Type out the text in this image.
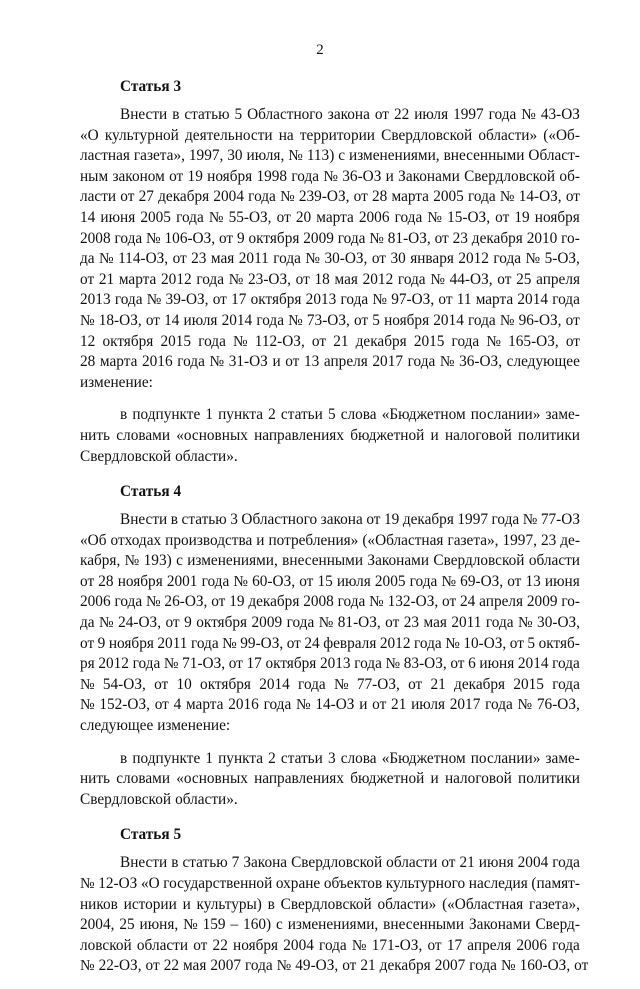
2
Статья 3
Внести в статью 5 Областного закона от 22 июля 1997 года № 43-ОЗ
«О культурной деятельности на территории Свердловской области» («Об-
ластная газета», 1997, 30 июля, № 113) с изменениями, внесенными Област-
ным законом от 19 ноября 1998 года № 36-ОЗ и Законами Свердловской об-
ласти от 27 декабря 2004 года № 239-ОЗ, от 28 марта 2005 года № 14-ОЗ, от
14 июня 2005 года № 55-ОЗ, от 20 марта 2006 года № 15-ОЗ, от 19 ноября
2008 года № 106-ОЗ, от 9 октября 2009 года № 81-ОЗ, от 23 декабря 2010 го-
да № 114-ОЗ, от 23 мая 2011 года № 30-ОЗ, от 30 января 2012 года № 5-ОЗ,
от 21 марта 2012 года № 23-ОЗ, от 18 мая 2012 года № 44-ОЗ, от 25 апреля
2013 года № 39-ОЗ, от 17 октября 2013 года № 97-ОЗ, от 11 марта 2014 года
№ 18-ОЗ, от 14 июля 2014 года № 73-ОЗ, от 5 ноября 2014 года № 96-ОЗ, от
12 октября 2015 года № 112-ОЗ, от 21 декабря 2015 года № 165-ОЗ, от
28 марта 2016 года № 31-ОЗ и от 13 апреля 2017 года № 36-ОЗ, следующее
изменение:
в подпункте 1 пункта 2 статьи 5 слова «Бюджетном послании» заме-
нить словами «основных направлениях бюджетной и налоговой политики
Свердловской области».
Статья 4
Внести в статью 3 Областного закона от 19 декабря 1997 года № 77-ОЗ
«Об отходах производства и потребления» («Областная газета», 1997, 23 де-
кабря, № 193) с изменениями, внесенными Законами Свердловской области
от 28 ноября 2001 года № 60-ОЗ, от 15 июля 2005 года № 69-ОЗ, от 13 июня
2006 года № 26-ОЗ, от 19 декабря 2008 года № 132-ОЗ, от 24 апреля 2009 го-
да № 24-ОЗ, от 9 октября 2009 года № 81-ОЗ, от 23 мая 2011 года № 30-ОЗ,
от 9 ноября 2011 года № 99-ОЗ, от 24 февраля 2012 года № 10-ОЗ, от 5 октяб-
ря 2012 года № 71-ОЗ, от 17 октября 2013 года № 83-ОЗ, от 6 июня 2014 года
№ 54-ОЗ, от 10 октября 2014 года № 77-ОЗ, от 21 декабря 2015 года
№ 152-ОЗ, от 4 марта 2016 года № 14-ОЗ и от 21 июля 2017 года № 76-ОЗ,
следующее изменение:
в подпункте 1 пункта 2 статьи 3 слова «Бюджетном послании» заме-
нить словами «основных направлениях бюджетной и налоговой политики
Свердловской области».
Статья 5
Внести в статью 7 Закона Свердловской области от 21 июня 2004 года
№ 12-ОЗ «О государственной охране объектов культурного наследия (памят-
ников истории и культуры) в Свердловской области» («Областная газета»,
2004, 25 июня, № 159 – 160) с изменениями, внесенными Законами Сверд-
ловской области от 22 ноября 2004 года № 171-ОЗ, от 17 апреля 2006 года
№ 22-ОЗ, от 22 мая 2007 года № 49-ОЗ, от 21 декабря 2007 года № 160-ОЗ, от
